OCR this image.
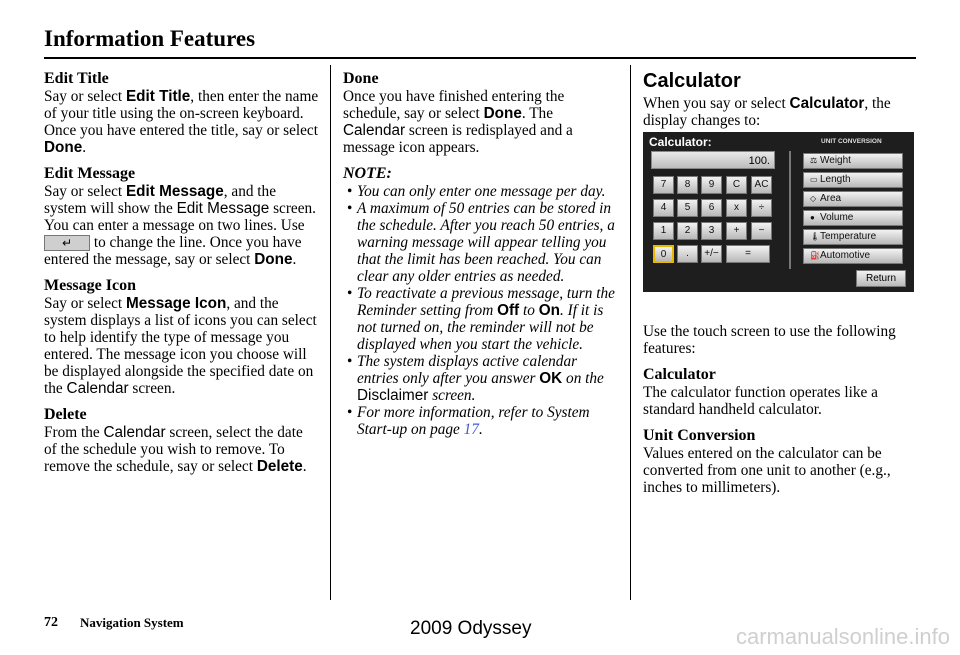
Information Features

Edit Title

Say or select Edit Title, then enter the name of your title using the on-screen keyboard. Once you have entered the title, say or select Done.

Edit Message

Say or select Edit Message, and the system will show the Edit Message screen. You can enter a message on two lines. Use ↵ to change the line. Once you have entered the message, say or select Done.

Message Icon

Say or select Message Icon, and the system displays a list of icons you can select to help identify the type of message you entered. The message icon you choose will be displayed alongside the specified date on the Calendar screen.

Delete

From the Calendar screen, select the date of the schedule you wish to remove. To remove the schedule, say or select Delete.

Done

Once you have finished entering the schedule, say or select Done. The Calendar screen is redisplayed and a message icon appears.

NOTE:

• You can only enter one message per day.
• A maximum of 50 entries can be stored in the schedule. After you reach 50 entries, a warning message will appear telling you that the limit has been reached. You can clear any older entries as needed.
• To reactivate a previous message, turn the Reminder setting from Off to On. If it is not turned on, the reminder will not be displayed when you start the vehicle.
• The system displays active calendar entries only after you answer OK on the Disclaimer screen.
• For more information, refer to System Start-up on page 17.

Calculator

When you say or select Calculator, the display changes to:

Use the touch screen to use the following features:

Calculator

The calculator function operates like a standard handheld calculator.

Unit Conversion

Values entered on the calculator can be converted from one unit to another (e.g., inches to millimeters).

Calculator:	UNIT CONVERSION
100.
7	8	9	C	AC
4	5	6	x	÷
1	2	3	+	−
0	.	+/−	=
⚖ Weight
▭ Length
◇ Area
● Volume
🌡Temperature
⛽Automotive
Return
72 Navigation System	2009 Odyssey	carmanualsonline.info
